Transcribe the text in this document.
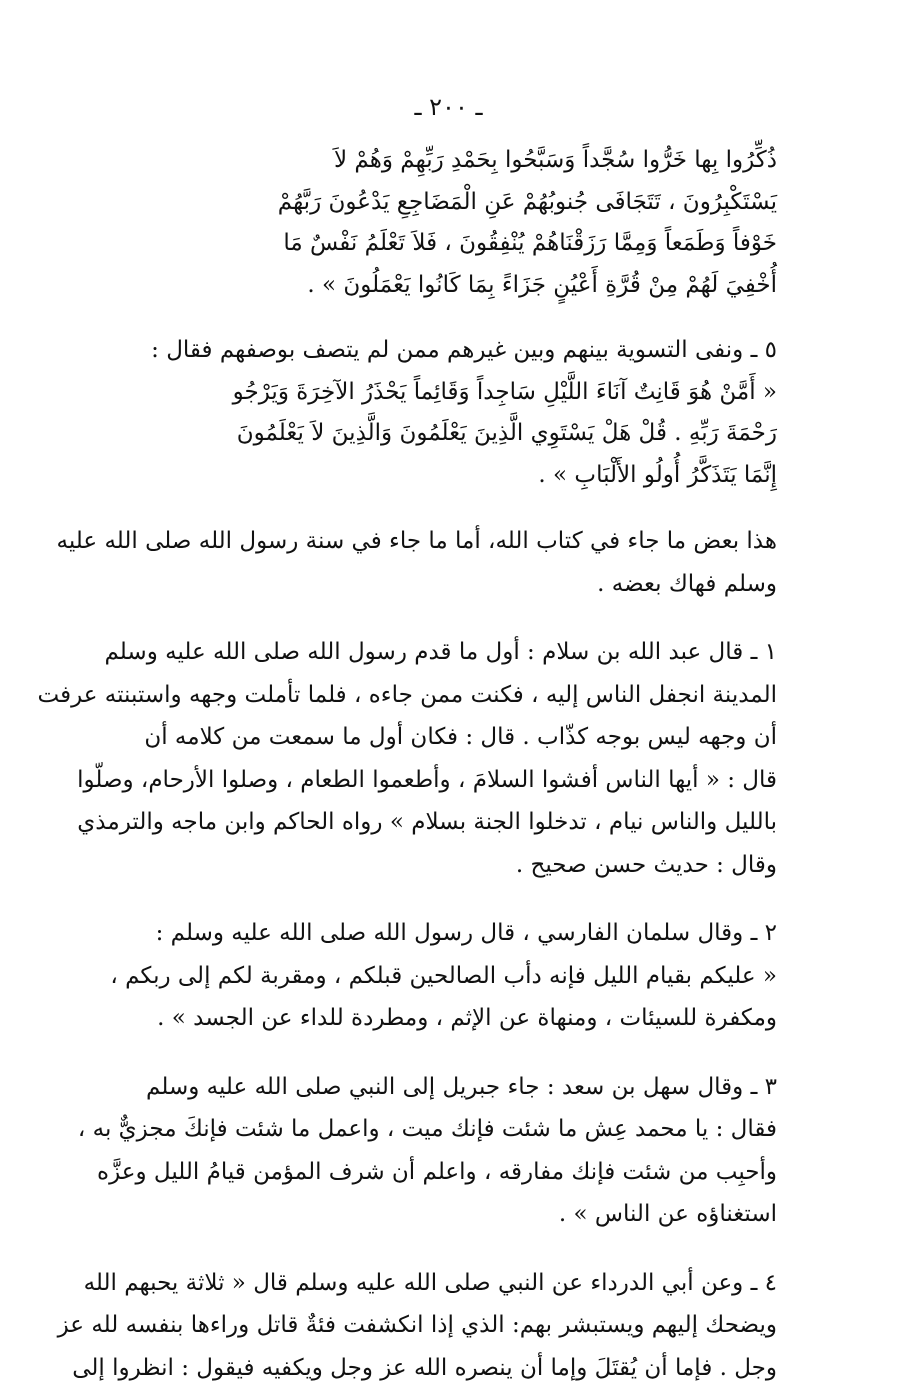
ـ ٢٠٠ ـ
ذُكِّرُوا بِها خَرُّوا سُجَّداً وَسَبَّحُوا بِحَمْدِ رَبِّهِمْ وَهُمْ لاَ
يَسْتَكْبِرُونَ ، تَتَجَافَى جُنوبُهُمْ عَنِ الْمَضَاجِعِ يَدْعُونَ رَبَّهُمْ
خَوْفاً وَطَمَعاً وَمِمَّا رَزَقْنَاهُمْ يُنْفِقُونَ ، فَلاَ تَعْلَمُ نَفْسٌ مَا
أُخْفِيَ لَهُمْ مِنْ قُرَّةِ أَعْيُنٍ جَزَاءً بِمَا كَانُوا يَعْمَلُونَ » .
٥ ـ ونفى التسوية بينهم وبين غيرهم ممن لم يتصف بوصفهم فقال :
« أَمَّنْ هُوَ قَانِتٌ آنَاءَ اللَّيْلِ سَاجِداً وَقَائِماً يَحْذَرُ الآخِرَةَ وَيَرْجُو
رَحْمَةَ رَبِّهِ . قُلْ هَلْ يَسْتَوِي الَّذِينَ يَعْلَمُونَ وَالَّذِينَ لاَ يَعْلَمُونَ
إِنَّمَا يَتَذَكَّرُ أُولُو الأَلْبَابِ » .
هذا بعض ما جاء في كتاب الله، أما ما جاء في سنة رسول الله صلى الله عليه
وسلم فهاك بعضه .
١ ـ قال عبد الله بن سلام : أول ما قدم رسول الله صلى الله عليه وسلم
المدينة انجفل الناس إليه ، فكنت ممن جاءه ، فلما تأملت وجهه واستبنته عرفت
أن وجهه ليس بوجه كذّاب . قال : فكان أول ما سمعت من كلامه أن
قال : « أيها الناس أفشوا السلامَ ، وأطعموا الطعام ، وصلوا الأرحام، وصلّوا
بالليل والناس نيام ، تدخلوا الجنة بسلام » رواه الحاكم وابن ماجه والترمذي
وقال : حديث حسن صحيح .
٢ ـ وقال سلمان الفارسي ، قال رسول الله صلى الله عليه وسلم :
« عليكم بقيام الليل فإنه دأب الصالحين قبلكم ، ومقربة لكم إلى ربكم ،
ومكفرة للسيئات ، ومنهاة عن الإثم ، ومطردة للداء عن الجسد » .
٣ ـ وقال سهل بن سعد : جاء جبريل إلى النبي صلى الله عليه وسلم
فقال : يا محمد عِش ما شئت فإنك ميت ، واعمل ما شئت فإنكَ مجزيٌّ به ،
وأحبِب من شئت فإنك مفارقه ، واعلم أن شرف المؤمن قيامُ الليل وعزَّه
استغناؤه عن الناس » .
٤ ـ وعن أبي الدرداء عن النبي صلى الله عليه وسلم قال « ثلاثة يحبهم الله
ويضحك إليهم ويستبشر بهم: الذي إذا انكشفت فئةٌ قاتل وراءها بنفسه لله عز
وجل . فإما أن يُقتَلَ وإما أن ينصره الله عز وجل ويكفيه فيقول : انظروا إلى
